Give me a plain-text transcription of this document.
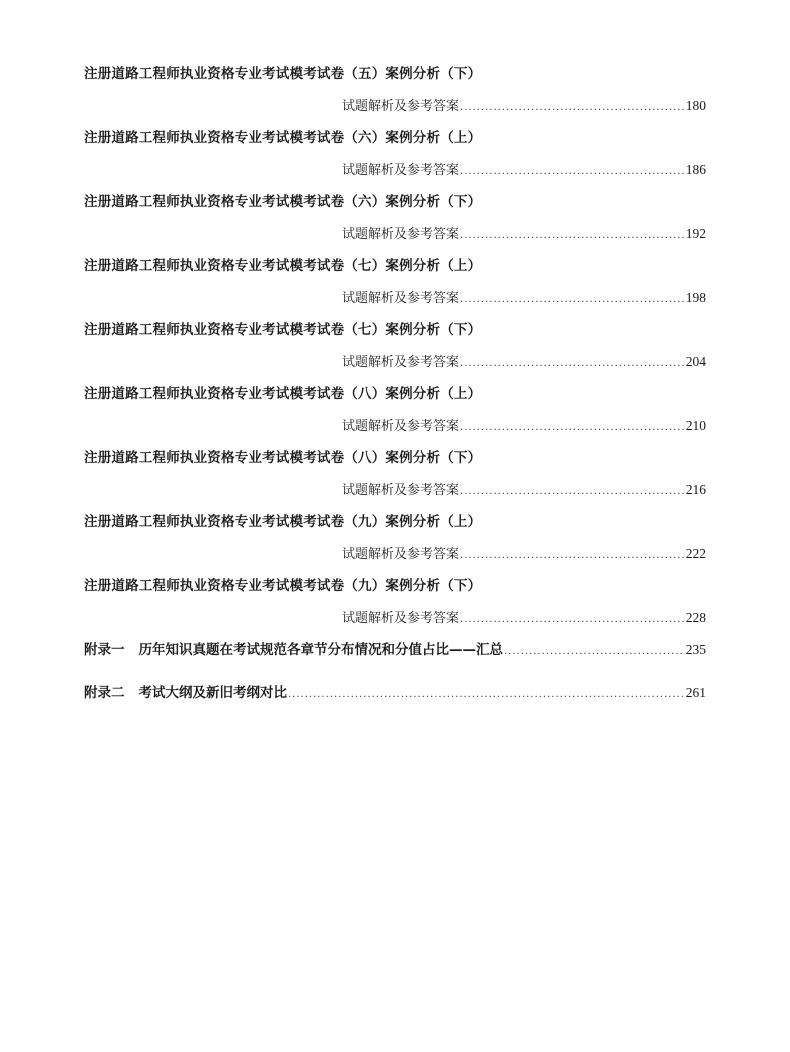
注册道路工程师执业资格专业考试模考试卷（五）案例分析（下）
试题解析及参考答案 .....	180
注册道路工程师执业资格专业考试模考试卷（六）案例分析（上）
试题解析及参考答案 .....	186
注册道路工程师执业资格专业考试模考试卷（六）案例分析（下）
试题解析及参考答案 .....	192
注册道路工程师执业资格专业考试模考试卷（七）案例分析（上）
试题解析及参考答案 .....	198
注册道路工程师执业资格专业考试模考试卷（七）案例分析（下）
试题解析及参考答案 .....	204
注册道路工程师执业资格专业考试模考试卷（八）案例分析（上）
试题解析及参考答案 .....	210
注册道路工程师执业资格专业考试模考试卷（八）案例分析（下）
试题解析及参考答案 .....	216
注册道路工程师执业资格专业考试模考试卷（九）案例分析（上）
试题解析及参考答案 .....	222
注册道路工程师执业资格专业考试模考试卷（九）案例分析（下）
试题解析及参考答案 .....	228
附录一 历年知识真题在考试规范各章节分布情况和分值占比——汇总 .....	235
附录二 考试大纲及新旧考纲对比 .....	261
